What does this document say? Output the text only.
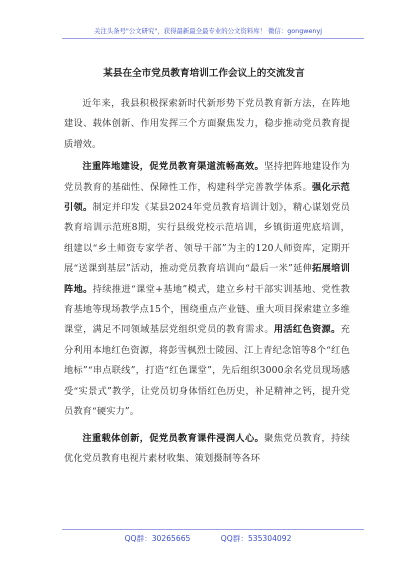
关注头条号"公文研究"，获得最新最全最专业的公文资料库！ 微信：gongwenyj
某县在全市党员教育培训工作会议上的交流发言

近年来，我县积极探索新时代新形势下党员教育新方法，在阵地建设、载体创新、作用发挥三个方面聚焦发力，稳步推动党员教育提质增效。

注重阵地建设，促党员教育渠道流畅高效。坚持把阵地建设作为党员教育的基础性、保障性工作，构建科学完善教学体系。强化示范引领。制定并印发《某县2024年党员教育培训计划》，精心谋划党员教育培训示范班8期，实行县级党校示范培训，乡镇街道兜底培训，组建以“乡土师资专家学者、领导干部”为主的120人师资库，定期开展“送课到基层”活动，推动党员教育培训向“最后一米”延伸拓展培训阵地。持续推进“课堂+基地”模式，建立乡村干部实训基地、党性教育基地等现场教学点15个，围绕重点产业链、重大项目探索建立多维课堂，满足不同领域基层党组织党员的教育需求。用活红色资源。充分利用本地红色资源，将彭雪枫烈士陵园、江上青纪念馆等8个“红色地标”“串点联线”，打造“红色课堂”，先后组织3000余名党员现场感受“实景式”教学，让党员切身体悟红色历史，补足精神之钙，提升党员教育“硬实力”。

注重载体创新，促党员教育课件浸润人心。聚焦党员教育，持续优化党员教育电视片素材收集、策划摄制等各环

QQ群：30265665	QQ群：535304092
